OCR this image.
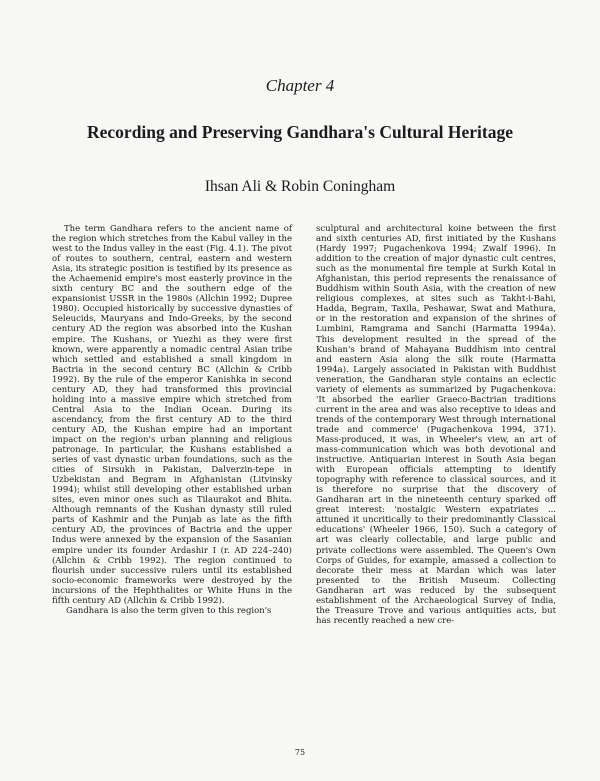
Chapter 4
Recording and Preserving Gandhara's Cultural Heritage
Ihsan Ali & Robin Coningham

The term Gandhara refers to the ancient name of the region which stretches from the Kabul valley in the west to the Indus valley in the east (Fig. 4.1). The pivot of routes to southern, central, eastern and western Asia, its strategic position is testified by its presence as the Achaemenid empire's most easterly province in the sixth century BC and the southern edge of the expansionist USSR in the 1980s (Allchin 1992; Dupree 1980). Occupied historically by successive dynasties of Seleucids, Mauryans and Indo-Greeks, by the second century AD the region was absorbed into the Kushan empire. The Kushans, or Yuezhi as they were first known, were apparently a nomadic central Asian tribe which settled and established a small kingdom in Bactria in the second century BC (Allchin & Cribb 1992). By the rule of the emperor Kanishka in second century AD, they had transformed this provincial holding into a massive empire which stretched from Central Asia to the Indian Ocean. During its ascendancy, from the first century AD to the third century AD, the Kushan empire had an important impact on the region's urban planning and religious patronage. In particular, the Kushans established a series of vast dynastic urban foundations, such as the cities of Sirsukh in Pakistan, Dalverzin-tepe in Uzbekistan and Begram in Afghanistan (Litvinsky 1994); whilst still developing other established urban sites, even minor ones such as Tilaurakot and Bhita. Although remnants of the Kushan dynasty still ruled parts of Kashmir and the Punjab as late as the fifth century AD, the provinces of Bactria and the upper Indus were annexed by the expansion of the Sasanian empire under its founder Ardashir I (r. AD 224–240) (Allchin & Cribb 1992). The region continued to flourish under successive rulers until its established socio-economic frameworks were destroyed by the incursions of the Hephthalites or White Huns in the fifth century AD (Allchin & Cribb 1992).

Gandhara is also the term given to this region's

sculptural and architectural koine between the first and sixth centuries AD, first initiated by the Kushans (Hardy 1997; Pugachenkova 1994; Zwalf 1996). In addition to the creation of major dynastic cult centres, such as the monumental fire temple at Surkh Kotal in Afghanistan, this period represents the renaissance of Buddhism within South Asia, with the creation of new religious complexes, at sites such as Takht-i-Bahi, Hadda, Begram, Taxila, Peshawar, Swat and Mathura, or in the restoration and expansion of the shrines of Lumbini, Ramgrama and Sanchi (Harmatta 1994a). This development resulted in the spread of the Kushan's brand of Mahayana Buddhism into central and eastern Asia along the silk route (Harmatta 1994a). Largely associated in Pakistan with Buddhist veneration, the Gandharan style contains an eclectic variety of elements as summarized by Pugachenkova: 'It absorbed the earlier Graeco-Bactrian traditions current in the area and was also receptive to ideas and trends of the contemporary West through international trade and commerce' (Pugachenkova 1994, 371). Mass-produced, it was, in Wheeler's view, an art of mass-communication which was both devotional and instructive. Antiquarian interest in South Asia began with European officials attempting to identify topography with reference to classical sources, and it is therefore no surprise that the discovery of Gandharan art in the nineteenth century sparked off great interest: 'nostalgic Western expatriates ... attuned it uncritically to their predominantly Classical educations' (Wheeler 1966, 150). Such a category of art was clearly collectable, and large public and private collections were assembled. The Queen's Own Corps of Guides, for example, amassed a collection to decorate their mess at Mardan which was later presented to the British Museum. Collecting Gandharan art was reduced by the subsequent establishment of the Archaeological Survey of India, the Treasure Trove and various antiquities acts, but has recently reached a new cre-

75
